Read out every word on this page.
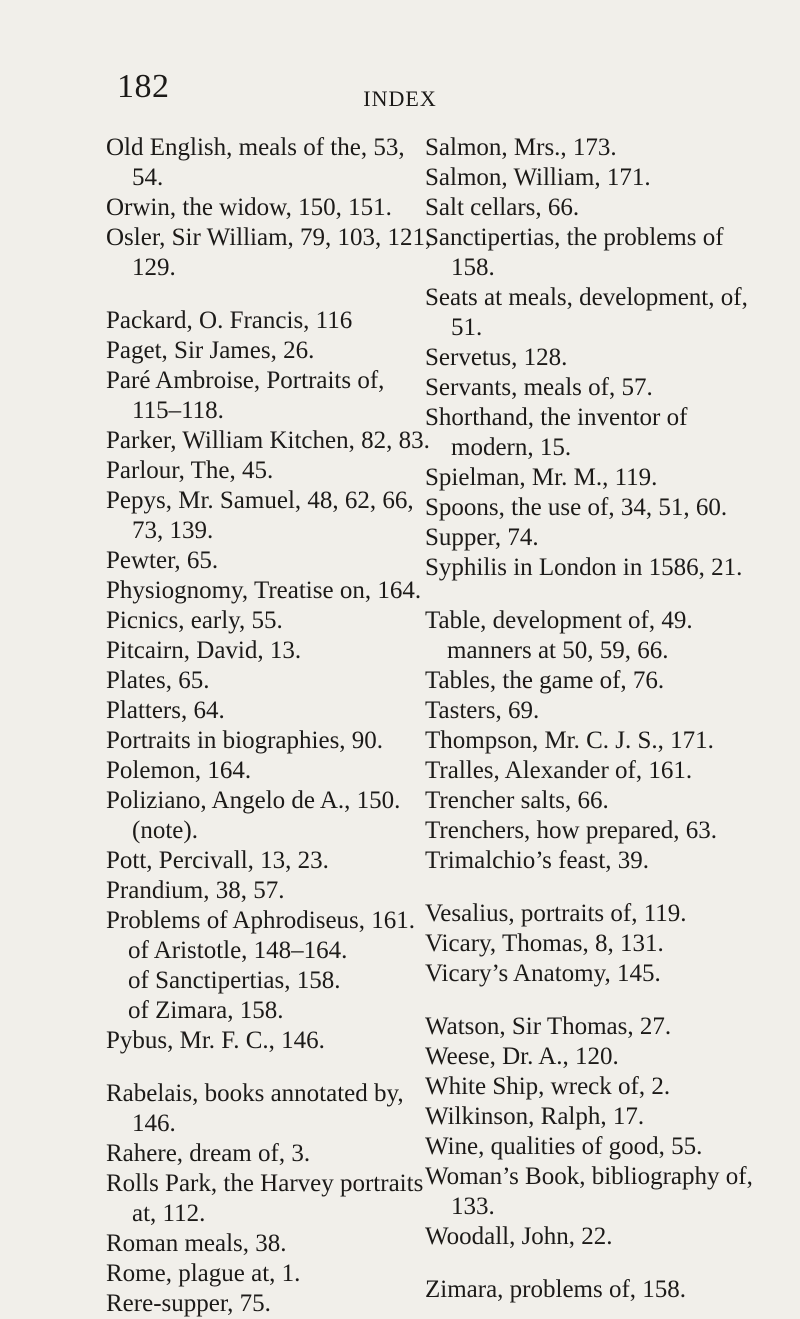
182	INDEX
Old English, meals of the, 53, 54.
Orwin, the widow, 150, 151.
Osler, Sir William, 79, 103, 121, 129.
Packard, O. Francis, 116
Paget, Sir James, 26.
Paré Ambroise, Portraits of, 115–118.
Parker, William Kitchen, 82, 83.
Parlour, The, 45.
Pepys, Mr. Samuel, 48, 62, 66, 73, 139.
Pewter, 65.
Physiognomy, Treatise on, 164.
Picnics, early, 55.
Pitcairn, David, 13.
Plates, 65.
Platters, 64.
Portraits in biographies, 90.
Polemon, 164.
Poliziano, Angelo de A., 150. (note).
Pott, Percivall, 13, 23.
Prandium, 38, 57.
Problems of Aphrodiseus, 161.
of Aristotle, 148–164.
of Sanctipertias, 158.
of Zimara, 158.
Pybus, Mr. F. C., 146.
Rabelais, books annotated by, 146.
Rahere, dream of, 3.
Rolls Park, the Harvey portraits at, 112.
Roman meals, 38.
Rome, plague at, 1.
Rere-supper, 75.
Salmon, Mrs., 173.
Salmon, William, 171.
Salt cellars, 66.
Sanctipertias, the problems of 158.
Seats at meals, development, of, 51.
Servetus, 128.
Servants, meals of, 57.
Shorthand, the inventor of modern, 15.
Spielman, Mr. M., 119.
Spoons, the use of, 34, 51, 60.
Supper, 74.
Syphilis in London in 1586, 21.
Table, development of, 49.
manners at 50, 59, 66.
Tables, the game of, 76.
Tasters, 69.
Thompson, Mr. C. J. S., 171.
Tralles, Alexander of, 161.
Trencher salts, 66.
Trenchers, how prepared, 63.
Trimalchio’s feast, 39.
Vesalius, portraits of, 119.
Vicary, Thomas, 8, 131.
Vicary’s Anatomy, 145.
Watson, Sir Thomas, 27.
Weese, Dr. A., 120.
White Ship, wreck of, 2.
Wilkinson, Ralph, 17.
Wine, qualities of good, 55.
Woman’s Book, bibliography of, 133.
Woodall, John, 22.
Zimara, problems of, 158.
